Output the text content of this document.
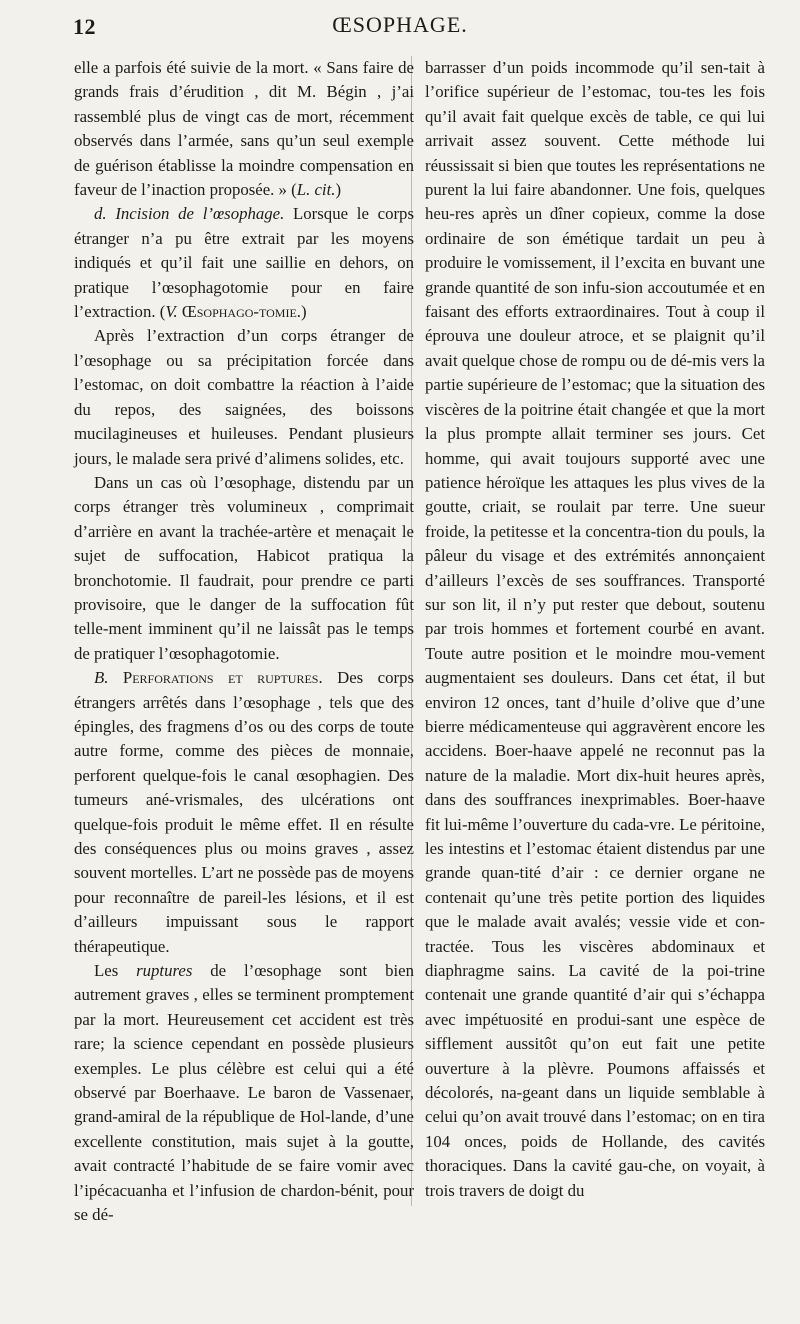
12	ŒSOPHAGE.

elle a parfois été suivie de la mort. « Sans faire de grands frais d’érudition , dit M. Bégin , j’ai rassemblé plus de vingt cas de mort, récemment observés dans l’armée, sans qu’un seul exemple de guérison établisse la moindre compensation en faveur de l’inaction proposée. » (L. cit.)

d. Incision de l’œsophage. Lorsque le corps étranger n’a pu être extrait par les moyens indiqués et qu’il fait une saillie en dehors, on pratique l’œsophagotomie pour en faire l’extraction. (V. Œsophago-tomie.)

Après l’extraction d’un corps étranger de l’œsophage ou sa précipitation forcée dans l’estomac, on doit combattre la réaction à l’aide du repos, des saignées, des boissons mucilagineuses et huileuses. Pendant plusieurs jours, le malade sera privé d’alimens solides, etc.

Dans un cas où l’œsophage, distendu par un corps étranger très volumineux , comprimait d’arrière en avant la trachée-artère et menaçait le sujet de suffocation, Habicot pratiqua la bronchotomie. Il faudrait, pour prendre ce parti provisoire, que le danger de la suffocation fût telle-ment imminent qu’il ne laissât pas le temps de pratiquer l’œsophagotomie.

B. Perforations et ruptures. Des corps étrangers arrêtés dans l’œsophage , tels que des épingles, des fragmens d’os ou des corps de toute autre forme, comme des pièces de monnaie, perforent quelque-fois le canal œsophagien. Des tumeurs ané-vrismales, des ulcérations ont quelque-fois produit le même effet. Il en résulte des conséquences plus ou moins graves , assez souvent mortelles. L’art ne possède pas de moyens pour reconnaître de pareil-les lésions, et il est d’ailleurs impuissant sous le rapport thérapeutique.

Les ruptures de l’œsophage sont bien autrement graves , elles se terminent promptement par la mort. Heureusement cet accident est très rare; la science cependant en possède plusieurs exemples. Le plus célèbre est celui qui a été observé par Boerhaave. Le baron de Vassenaer, grand-amiral de la république de Hol-lande, d’une excellente constitution, mais sujet à la goutte, avait contracté l’habitude de se faire vomir avec l’ipécacuanha et l’infusion de chardon-bénit, pour se dé-

barrasser d’un poids incommode qu’il sen-tait à l’orifice supérieur de l’estomac, tou-tes les fois qu’il avait fait quelque excès de table, ce qui lui arrivait assez souvent. Cette méthode lui réussissait si bien que toutes les représentations ne purent la lui faire abandonner. Une fois, quelques heu-res après un dîner copieux, comme la dose ordinaire de son émétique tardait un peu à produire le vomissement, il l’excita en buvant une grande quantité de son infu-sion accoutumée et en faisant des efforts extraordinaires. Tout à coup il éprouva une douleur atroce, et se plaignit qu’il avait quelque chose de rompu ou de dé-mis vers la partie supérieure de l’estomac; que la situation des viscères de la poitrine était changée et que la mort la plus prompte allait terminer ses jours. Cet homme, qui avait toujours supporté avec une patience héroïque les attaques les plus vives de la goutte, criait, se roulait par terre. Une sueur froide, la petitesse et la concentra-tion du pouls, la pâleur du visage et des extrémités annonçaient d’ailleurs l’excès de ses souffrances. Transporté sur son lit, il n’y put rester que debout, soutenu par trois hommes et fortement courbé en avant. Toute autre position et le moindre mou-vement augmentaient ses douleurs. Dans cet état, il but environ 12 onces, tant d’huile d’olive que d’une bierre médicamenteuse qui aggravèrent encore les accidens. Boer-haave appelé ne reconnut pas la nature de la maladie. Mort dix-huit heures après, dans des souffrances inexprimables. Boer-haave fit lui-même l’ouverture du cada-vre. Le péritoine, les intestins et l’estomac étaient distendus par une grande quan-tité d’air : ce dernier organe ne contenait qu’une très petite portion des liquides que le malade avait avalés; vessie vide et con-tractée. Tous les viscères abdominaux et diaphragme sains. La cavité de la poi-trine contenait une grande quantité d’air qui s’échappa avec impétuosité en produi-sant une espèce de sifflement aussitôt qu’on eut fait une petite ouverture à la plèvre. Poumons affaissés et décolorés, na-geant dans un liquide semblable à celui qu’on avait trouvé dans l’estomac; on en tira 104 onces, poids de Hollande, des cavités thoraciques. Dans la cavité gau-che, on voyait, à trois travers de doigt du
